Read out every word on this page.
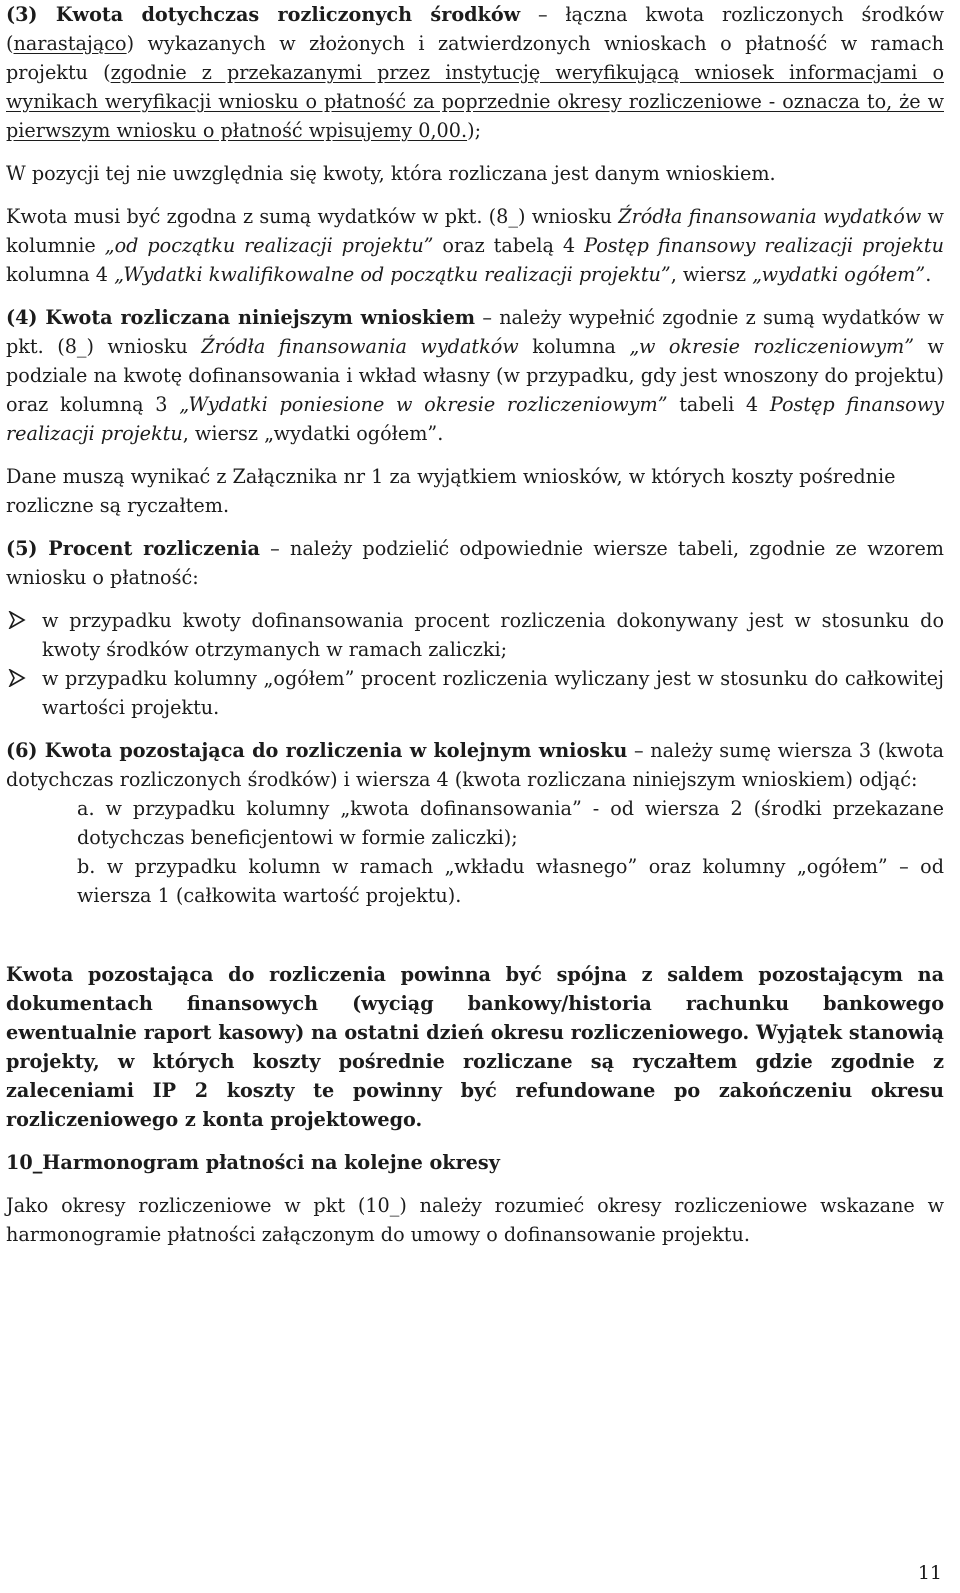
(3) Kwota dotychczas rozliczonych środków – łączna kwota rozliczonych środków (narastająco) wykazanych w złożonych i zatwierdzonych wnioskach o płatność w ramach projektu (zgodnie z przekazanymi przez instytucję weryfikującą wniosek informacjami o wynikach weryfikacji wniosku o płatność za poprzednie okresy rozliczeniowe - oznacza to, że w pierwszym wniosku o płatność wpisujemy 0,00.);

W pozycji tej nie uwzględnia się kwoty, która rozliczana jest danym wnioskiem.

Kwota musi być zgodna z sumą wydatków w pkt. (8_) wniosku Źródła finansowania wydatków w kolumnie „od początku realizacji projektu” oraz tabelą 4 Postęp finansowy realizacji projektu kolumna 4 „Wydatki kwalifikowalne od początku realizacji projektu”, wiersz „wydatki ogółem”.

(4) Kwota rozliczana niniejszym wnioskiem – należy wypełnić zgodnie z sumą wydatków w pkt. (8_) wniosku Źródła finansowania wydatków kolumna „w okresie rozliczeniowym” w podziale na kwotę dofinansowania i wkład własny (w przypadku, gdy jest wnoszony do projektu) oraz kolumną 3 „Wydatki poniesione w okresie rozliczeniowym” tabeli 4 Postęp finansowy realizacji projektu, wiersz „wydatki ogółem”.

Dane muszą wynikać z Załącznika nr 1 za wyjątkiem wniosków, w których koszty pośrednie rozliczne są ryczałtem.

(5) Procent rozliczenia – należy podzielić odpowiednie wiersze tabeli, zgodnie ze wzorem wniosku o płatność:

w przypadku kwoty dofinansowania procent rozliczenia dokonywany jest w stosunku do kwoty środków otrzymanych w ramach zaliczki;

w przypadku kolumny „ogółem” procent rozliczenia wyliczany jest w stosunku do całkowitej wartości projektu.

(6) Kwota pozostająca do rozliczenia w kolejnym wniosku – należy sumę wiersza 3 (kwota dotychczas rozliczonych środków) i wiersza 4 (kwota rozliczana niniejszym wnioskiem) odjąć:

a. w przypadku kolumny „kwota dofinansowania” - od wiersza 2 (środki przekazane dotychczas beneficjentowi w formie zaliczki);

b. w przypadku kolumn w ramach „wkładu własnego” oraz kolumny „ogółem” – od wiersza 1 (całkowita wartość projektu).

Kwota pozostająca do rozliczenia powinna być spójna z saldem pozostającym na dokumentach finansowych (wyciąg bankowy/historia rachunku bankowego ewentualnie raport kasowy) na ostatni dzień okresu rozliczeniowego. Wyjątek stanowią projekty, w których koszty pośrednie rozliczane są ryczałtem gdzie zgodnie z zaleceniami IP 2 koszty te powinny być refundowane po zakończeniu okresu rozliczeniowego z konta projektowego.

10_Harmonogram płatności na kolejne okresy

Jako okresy rozliczeniowe w pkt (10_) należy rozumieć okresy rozliczeniowe wskazane w harmonogramie płatności załączonym do umowy o dofinansowanie projektu.

11
